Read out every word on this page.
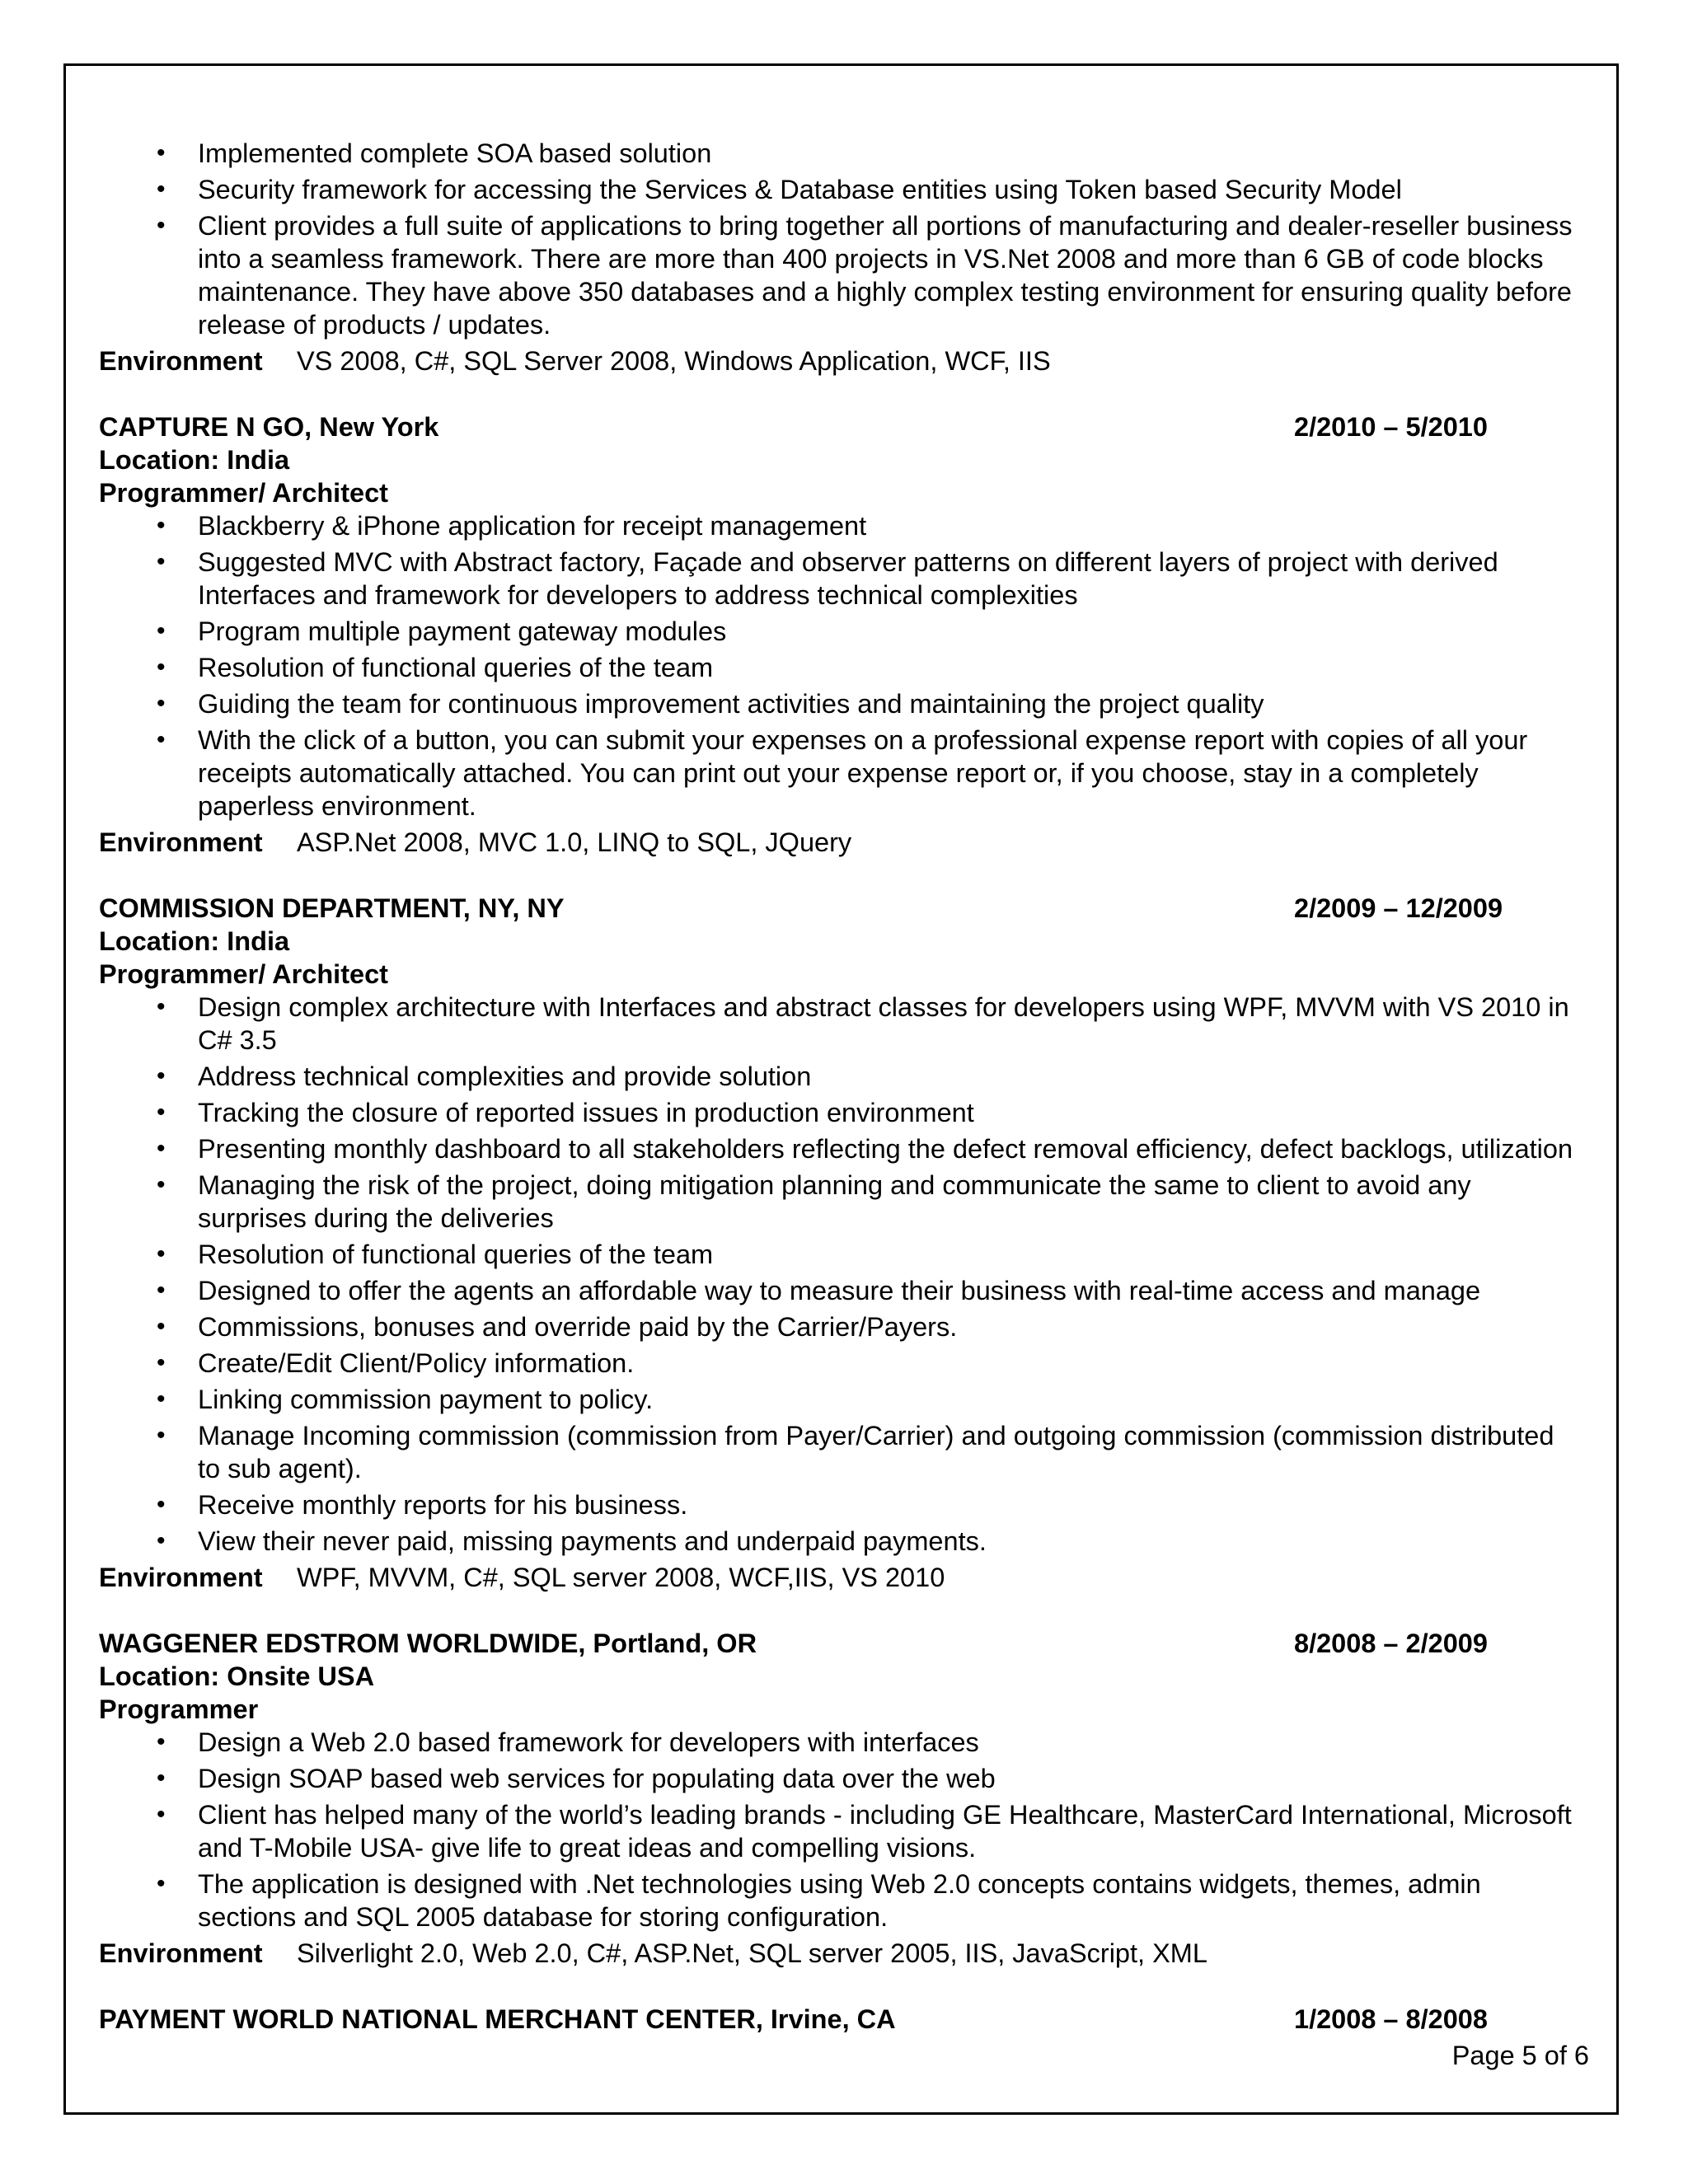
• Implemented complete SOA based solution
• Security framework for accessing the Services & Database entities using Token based Security Model
• Client provides a full suite of applications to bring together all portions of manufacturing and dealer-reseller business into a seamless framework. There are more than 400 projects in VS.Net 2008 and more than 6 GB of code blocks maintenance. They have above 350 databases and a highly complex testing environment for ensuring quality before release of products / updates.
Environment	VS 2008, C#, SQL Server 2008, Windows Application, WCF, IIS
CAPTURE N GO, New York	2/2010 – 5/2010
Location: India
Programmer/ Architect
• Blackberry & iPhone application for receipt management
• Suggested MVC with Abstract factory, Façade and observer patterns on different layers of project with derived Interfaces and framework for developers to address technical complexities
• Program multiple payment gateway modules
• Resolution of functional queries of the team
• Guiding the team for continuous improvement activities and maintaining the project quality
• With the click of a button, you can submit your expenses on a professional expense report with copies of all your receipts automatically attached. You can print out your expense report or, if you choose, stay in a completely paperless environment.
Environment	ASP.Net 2008, MVC 1.0, LINQ to SQL, JQuery
COMMISSION DEPARTMENT, NY, NY	2/2009 – 12/2009
Location: India
Programmer/ Architect
• Design complex architecture with Interfaces and abstract classes for developers using WPF, MVVM with VS 2010 in C# 3.5
• Address technical complexities and provide solution
• Tracking the closure of reported issues in production environment
• Presenting monthly dashboard to all stakeholders reflecting the defect removal efficiency, defect backlogs, utilization
• Managing the risk of the project, doing mitigation planning and communicate the same to client to avoid any surprises during the deliveries
• Resolution of functional queries of the team
• Designed to offer the agents an affordable way to measure their business with real-time access and manage
• Commissions, bonuses and override paid by the Carrier/Payers.
• Create/Edit Client/Policy information.
• Linking commission payment to policy.
• Manage Incoming commission (commission from Payer/Carrier) and outgoing commission (commission distributed to sub agent).
• Receive monthly reports for his business.
• View their never paid, missing payments and underpaid payments.
Environment	WPF, MVVM, C#, SQL server 2008, WCF,IIS, VS 2010
WAGGENER EDSTROM WORLDWIDE, Portland, OR	8/2008 – 2/2009
Location: Onsite USA
Programmer
• Design a Web 2.0 based framework for developers with interfaces
• Design SOAP based web services for populating data over the web
• Client has helped many of the world’s leading brands - including GE Healthcare, MasterCard International, Microsoft and T-Mobile USA- give life to great ideas and compelling visions.
• The application is designed with .Net technologies using Web 2.0 concepts contains widgets, themes, admin sections and SQL 2005 database for storing configuration.
Environment	Silverlight 2.0, Web 2.0, C#, ASP.Net, SQL server 2005, IIS, JavaScript, XML
PAYMENT WORLD NATIONAL MERCHANT CENTER, Irvine, CA	1/2008 – 8/2008
Page 5 of 6
